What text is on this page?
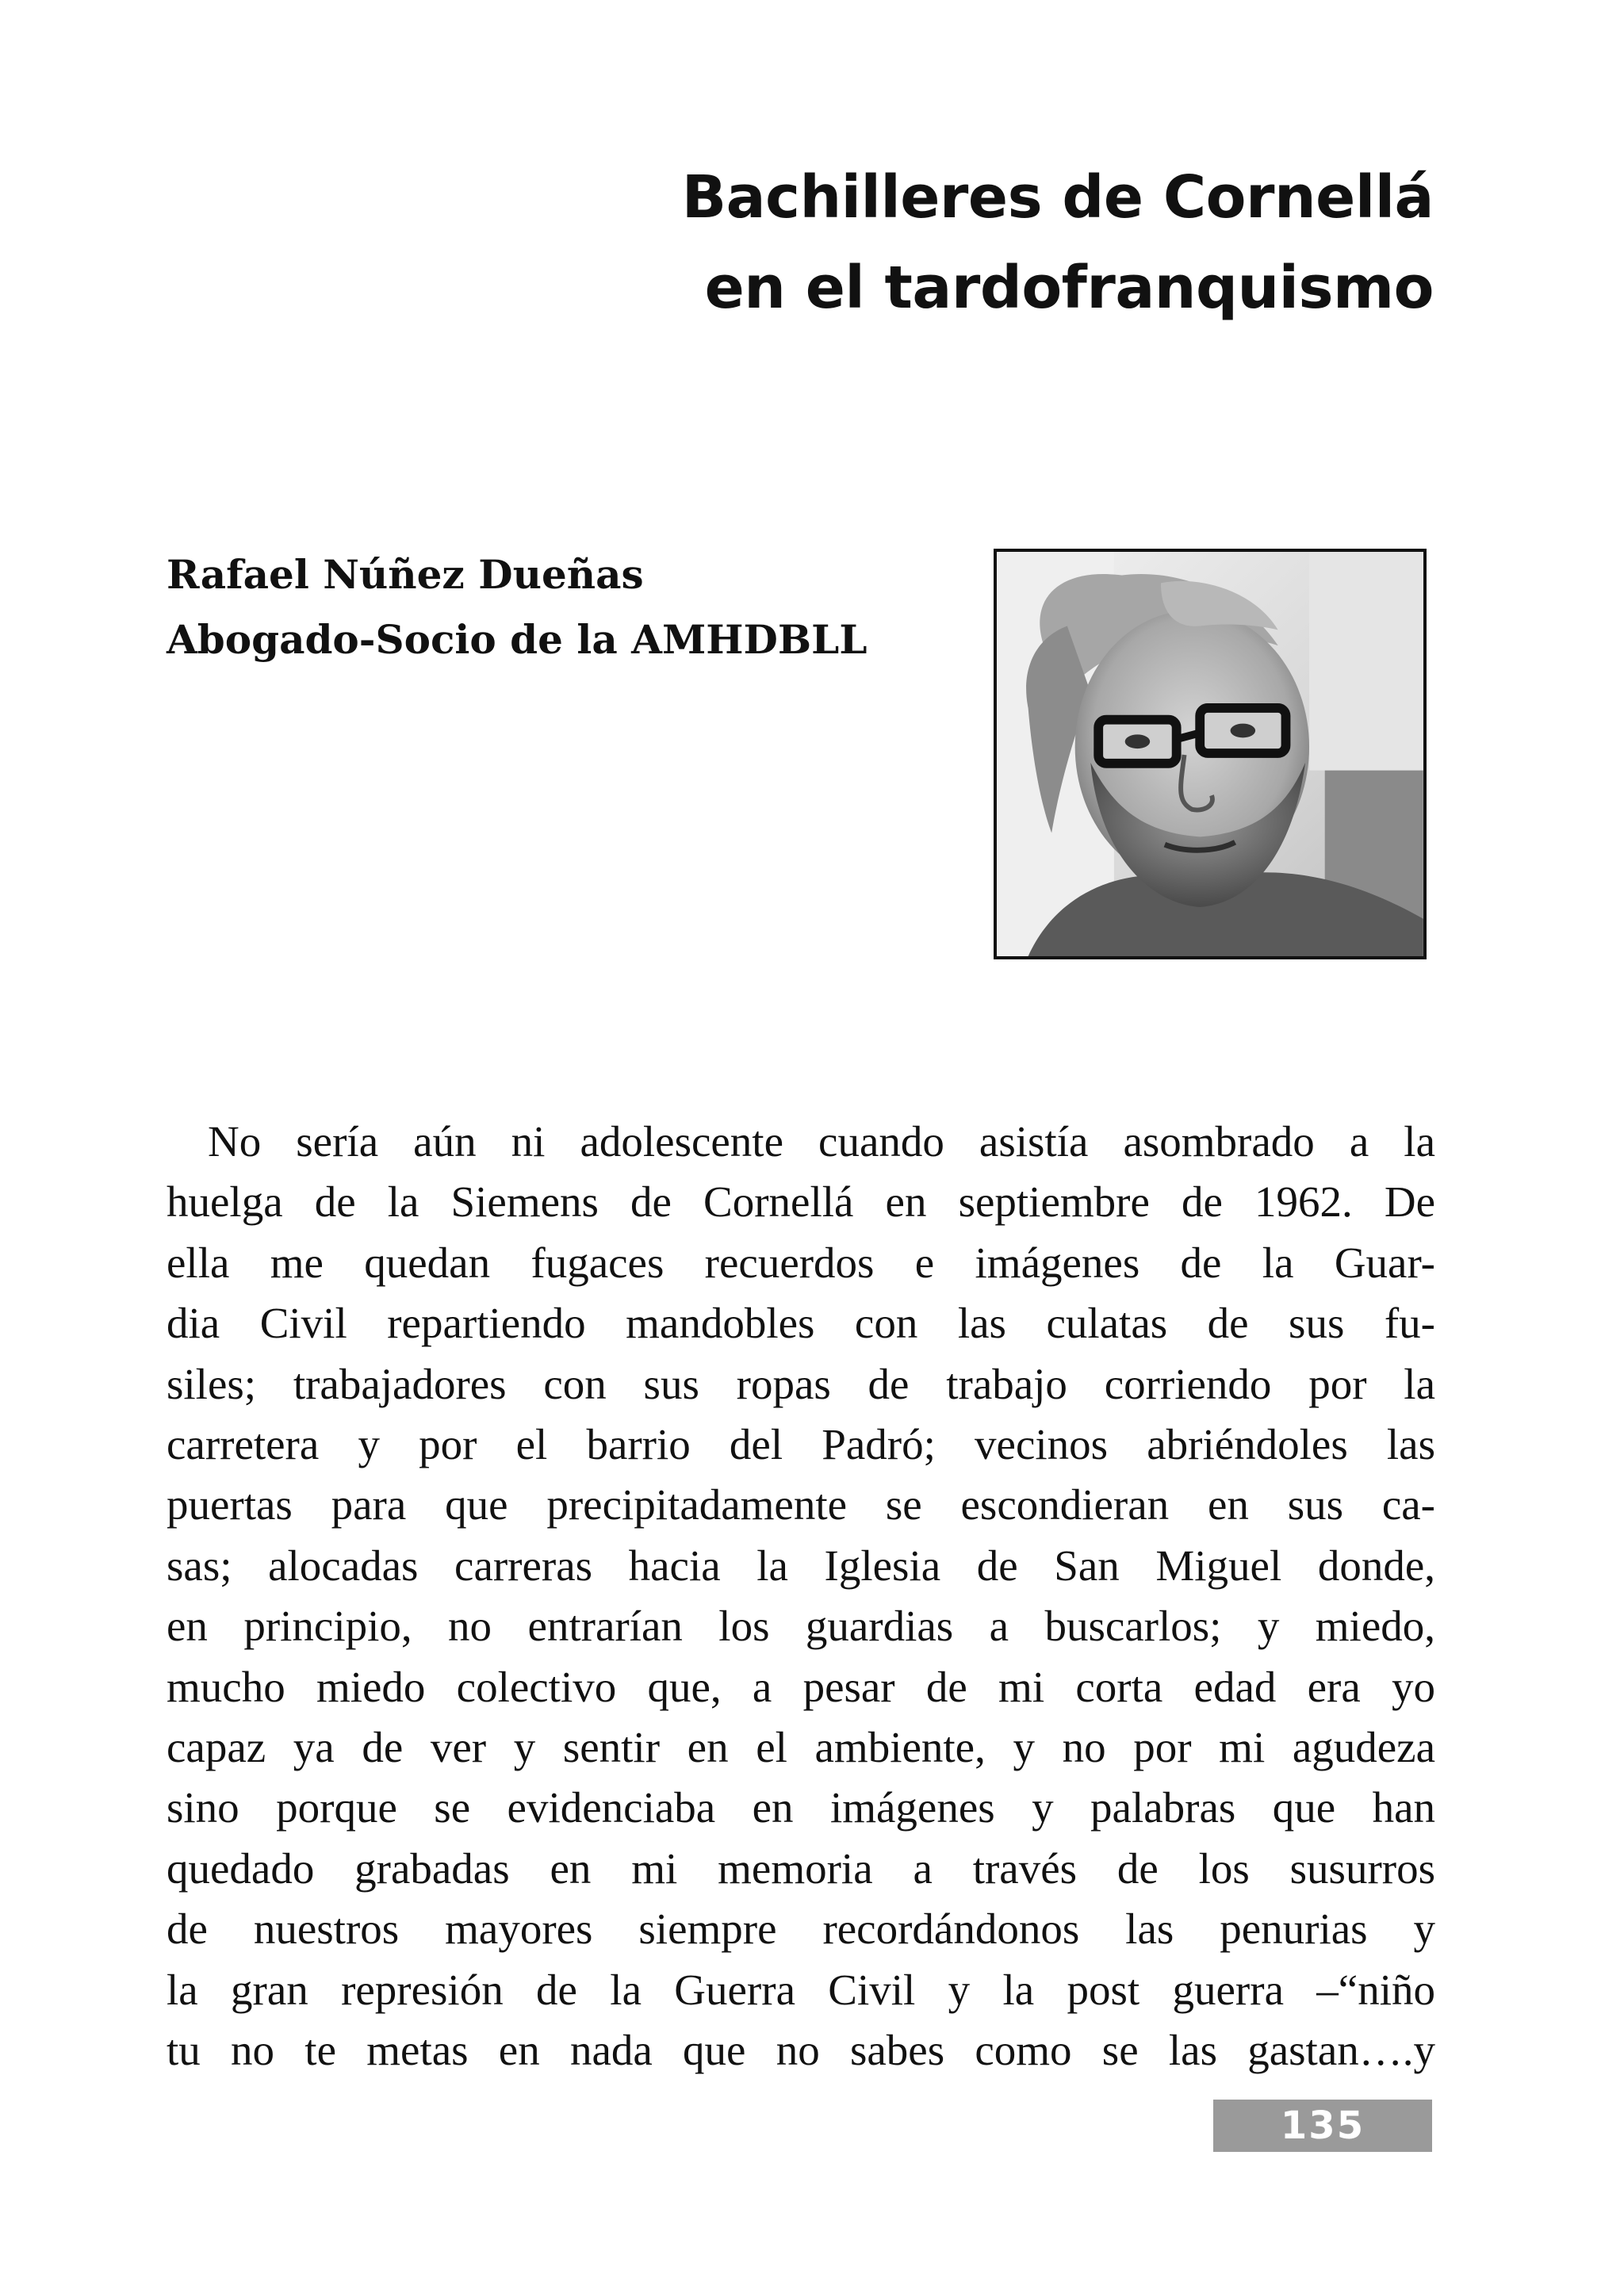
Bachilleres de Cornellá
en el tardofranquismo
Rafael Núñez Dueñas
Abogado-Socio de la AMHDBLL
No sería aún ni adolescente cuando asistía asombrado a la
huelga de la Siemens de Cornellá en septiembre de 1962. De
ella me quedan fugaces recuerdos e imágenes de la Guar-
dia Civil repartiendo mandobles con las culatas de sus fu-
siles; trabajadores con sus ropas de trabajo corriendo por la
carretera y por el barrio del Padró; vecinos abriéndoles las
puertas para que precipitadamente se escondieran en sus ca-
sas; alocadas carreras hacia la Iglesia de San Miguel donde,
en principio, no entrarían los guardias a buscarlos; y miedo,
mucho miedo colectivo que, a pesar de mi corta edad era yo
capaz ya de ver y sentir en el ambiente, y no por mi agudeza
sino porque se evidenciaba en imágenes y palabras que han
quedado grabadas en mi memoria a través de los susurros
de nuestros mayores siempre recordándonos las penurias y
la gran represión de la Guerra Civil y la post guerra –“niño
tu no te metas en nada que no sabes como se las gastan….y
135
